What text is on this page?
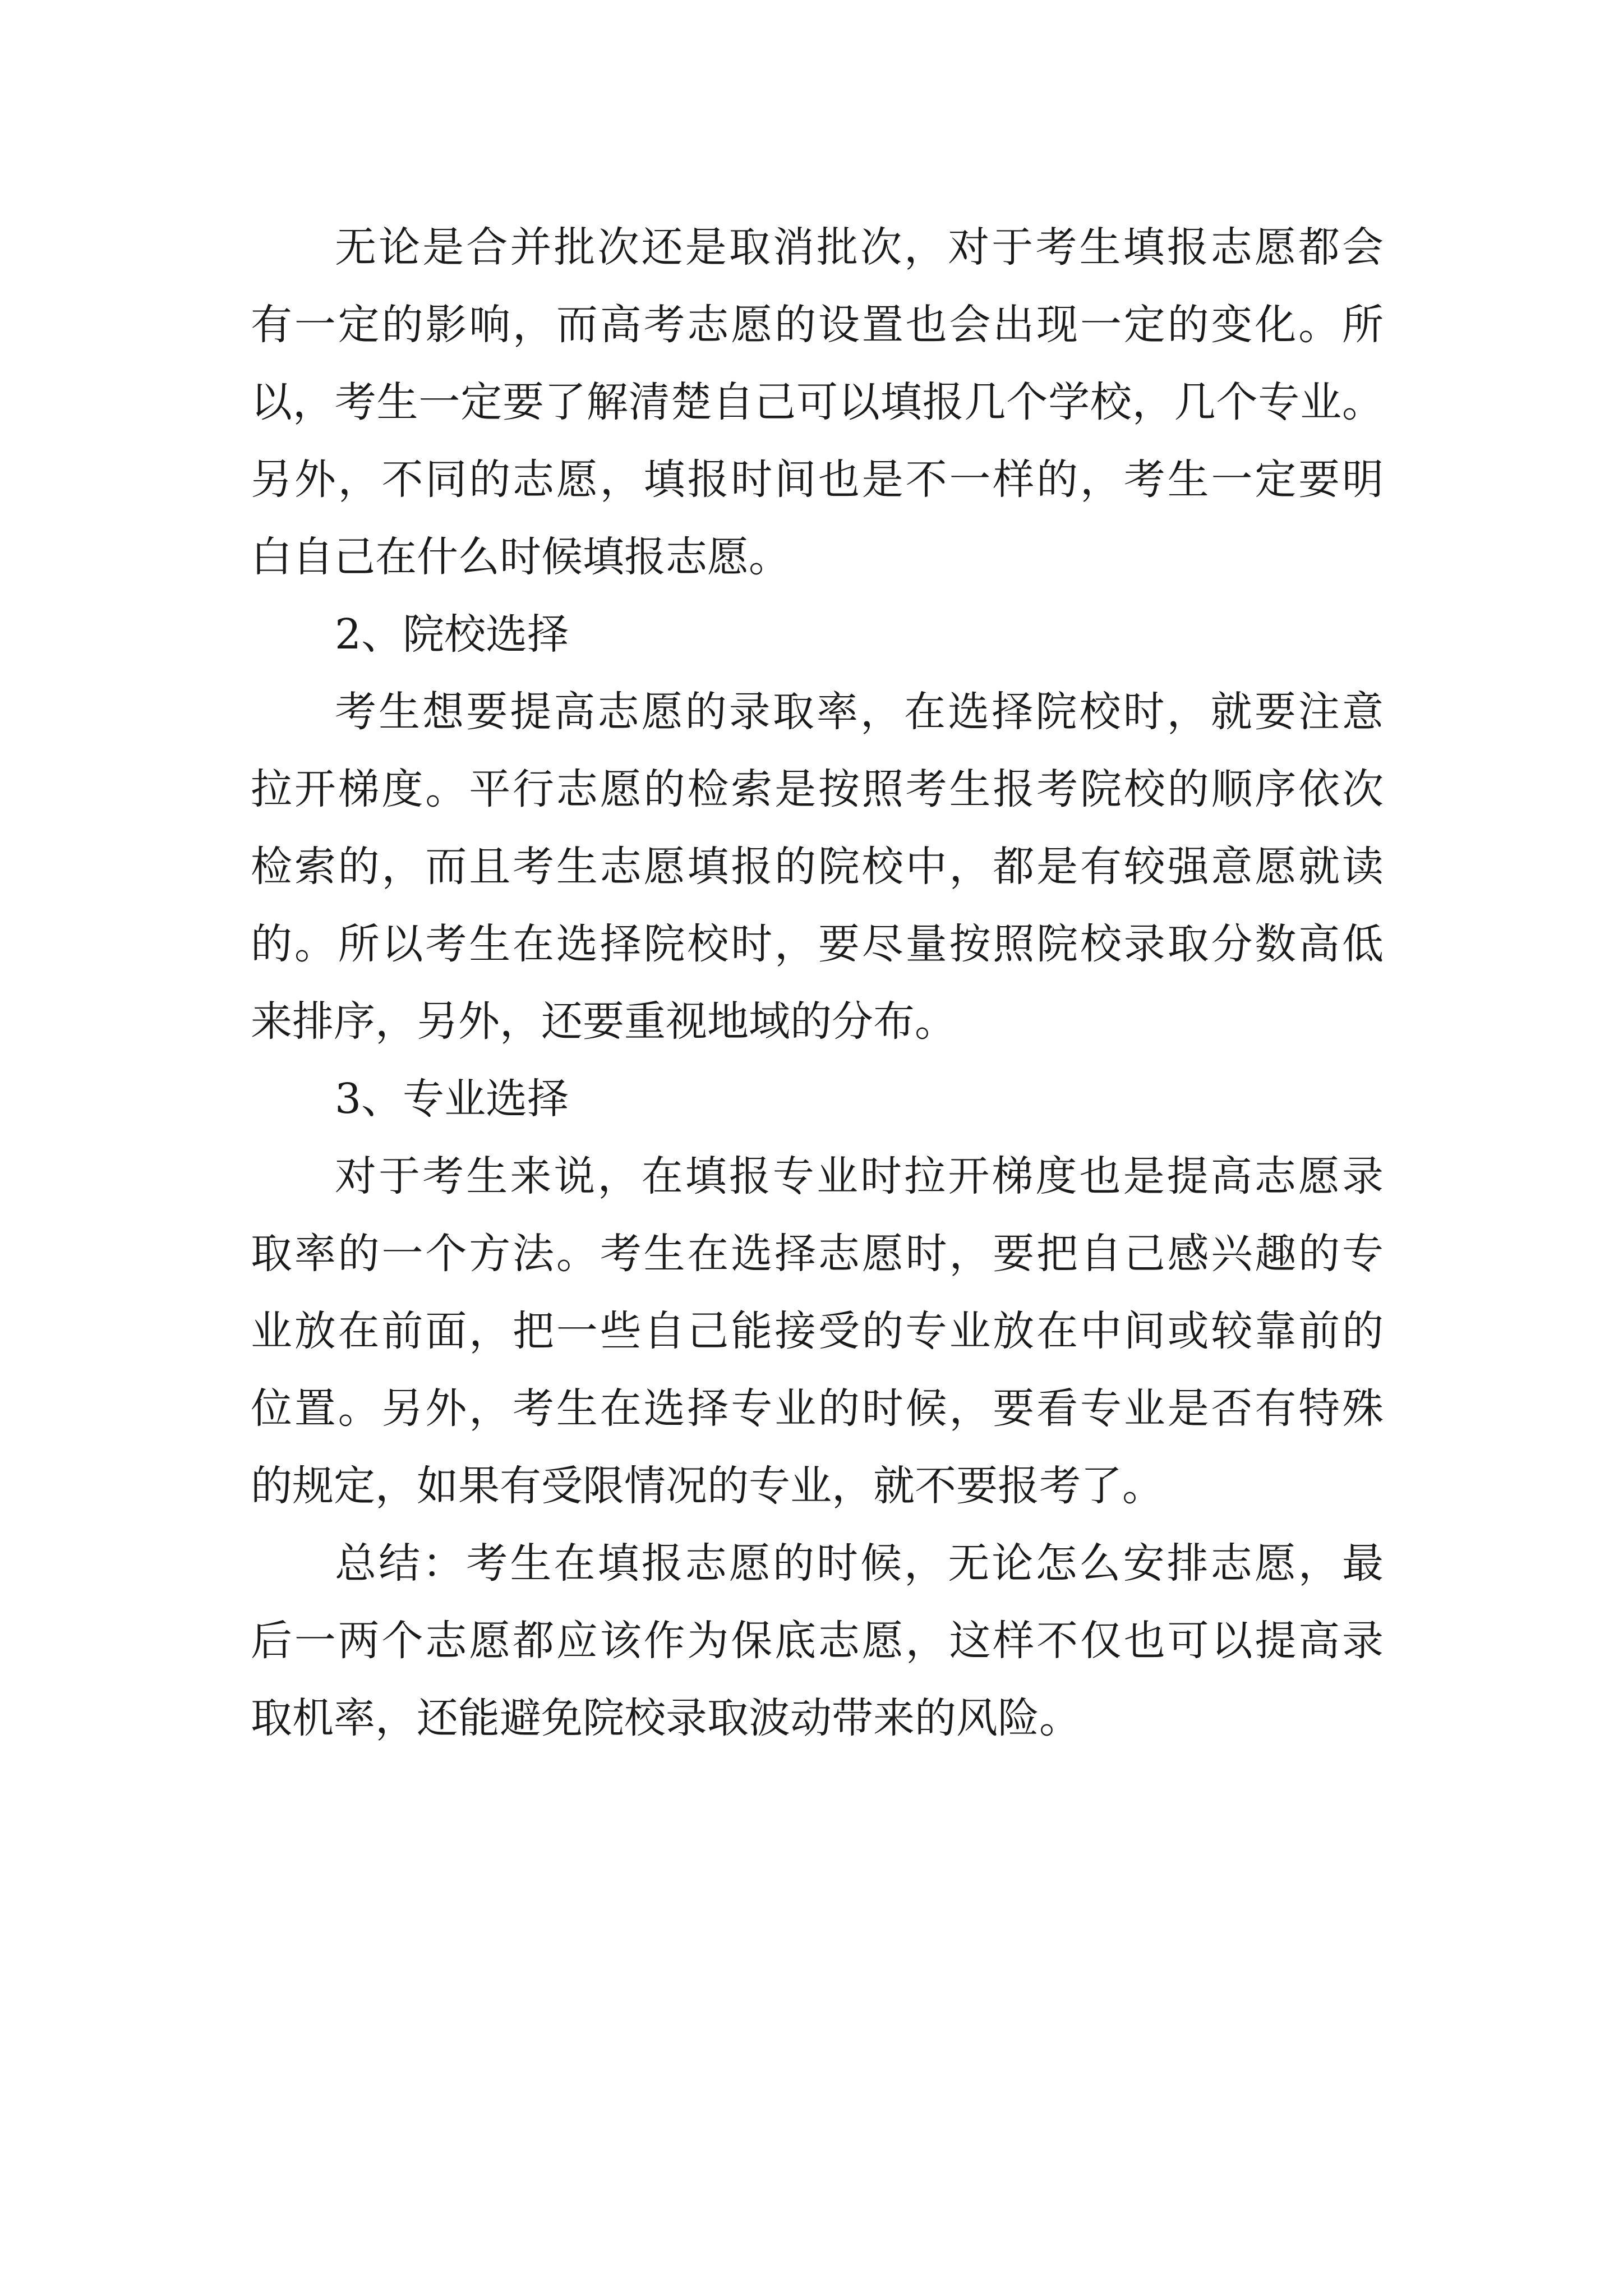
无论是合并批次还是取消批次，对于考生填报志愿都会
有一定的影响，而高考志愿的设置也会出现一定的变化。所
以，考生一定要了解清楚自己可以填报几个学校，几个专业。
另外，不同的志愿，填报时间也是不一样的，考生一定要明
白自己在什么时候填报志愿。
2、院校选择
考生想要提高志愿的录取率，在选择院校时，就要注意
拉开梯度。平行志愿的检索是按照考生报考院校的顺序依次
检索的，而且考生志愿填报的院校中，都是有较强意愿就读
的。所以考生在选择院校时，要尽量按照院校录取分数高低
来排序，另外，还要重视地域的分布。
3、专业选择
对于考生来说，在填报专业时拉开梯度也是提高志愿录
取率的一个方法。考生在选择志愿时，要把自己感兴趣的专
业放在前面，把一些自己能接受的专业放在中间或较靠前的
位置。另外，考生在选择专业的时候，要看专业是否有特殊
的规定，如果有受限情况的专业，就不要报考了。
总结：考生在填报志愿的时候，无论怎么安排志愿，最
后一两个志愿都应该作为保底志愿，这样不仅也可以提高录
取机率，还能避免院校录取波动带来的风险。
